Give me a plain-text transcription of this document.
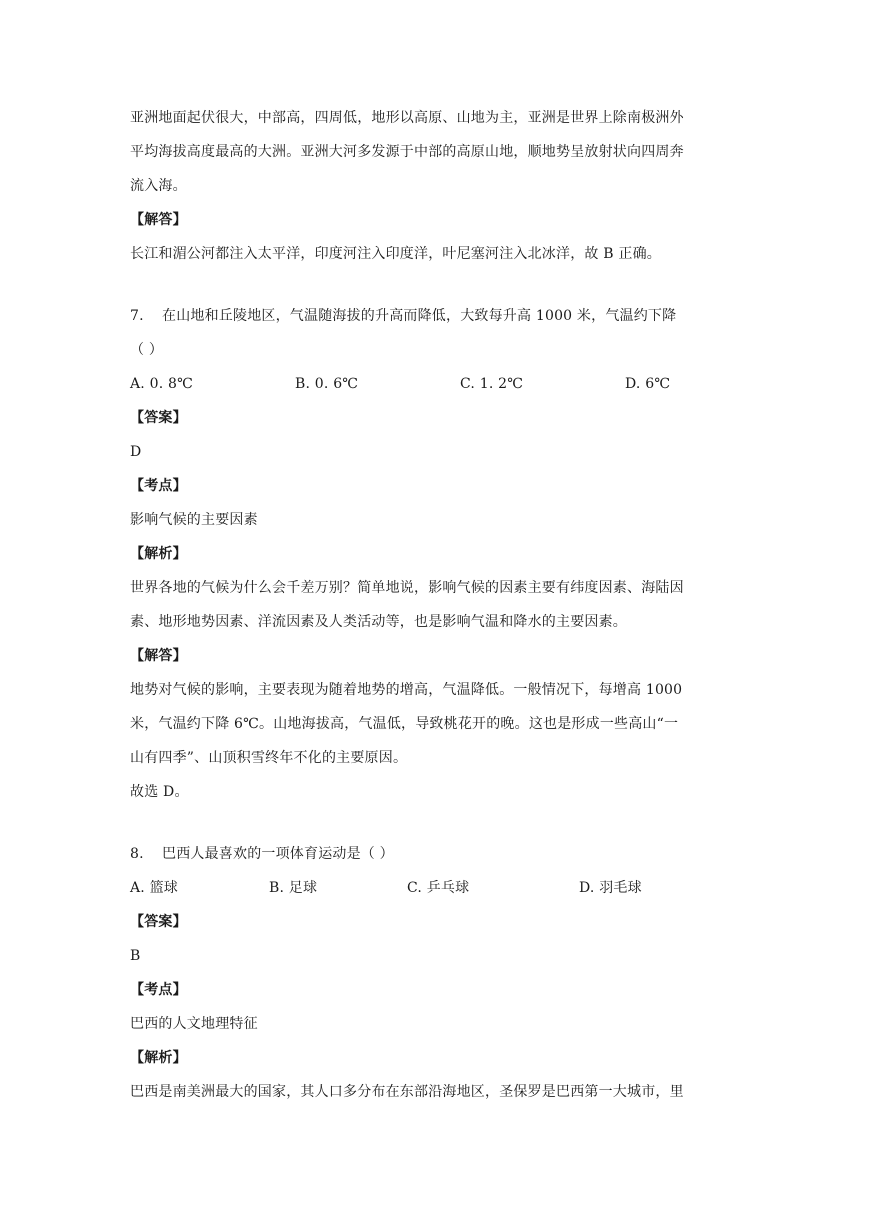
亚洲地面起伏很大，中部高，四周低，地形以高原、山地为主，亚洲是世界上除南极洲外
平均海拔高度最高的大洲。亚洲大河多发源于中部的高原山地，顺地势呈放射状向四周奔
流入海。
【解答】
长江和湄公河都注入太平洋，印度河注入印度洋，叶尼塞河注入北冰洋，故 B 正确。
7. 在山地和丘陵地区，气温随海拔的升高而降低，大致每升高 1000 米，气温约下降
（ ）
A. 0. 8℃	B. 0. 6℃	C. 1. 2℃	D. 6℃
【答案】
D
【考点】
影响气候的主要因素
【解析】
世界各地的气候为什么会千差万别？简单地说，影响气候的因素主要有纬度因素、海陆因
素、地形地势因素、洋流因素及人类活动等，也是影响气温和降水的主要因素。
【解答】
地势对气候的影响，主要表现为随着地势的增高，气温降低。一般情况下，每增高 1000
米，气温约下降 6℃。山地海拔高，气温低，导致桃花开的晚。这也是形成一些高山“一
山有四季”、山顶积雪终年不化的主要原因。
故选 D。
8. 巴西人最喜欢的一项体育运动是（ ）
A. 篮球	B. 足球	C. 乒乓球	D. 羽毛球
【答案】
B
【考点】
巴西的人文地理特征
【解析】
巴西是南美洲最大的国家，其人口多分布在东部沿海地区，圣保罗是巴西第一大城市，里
